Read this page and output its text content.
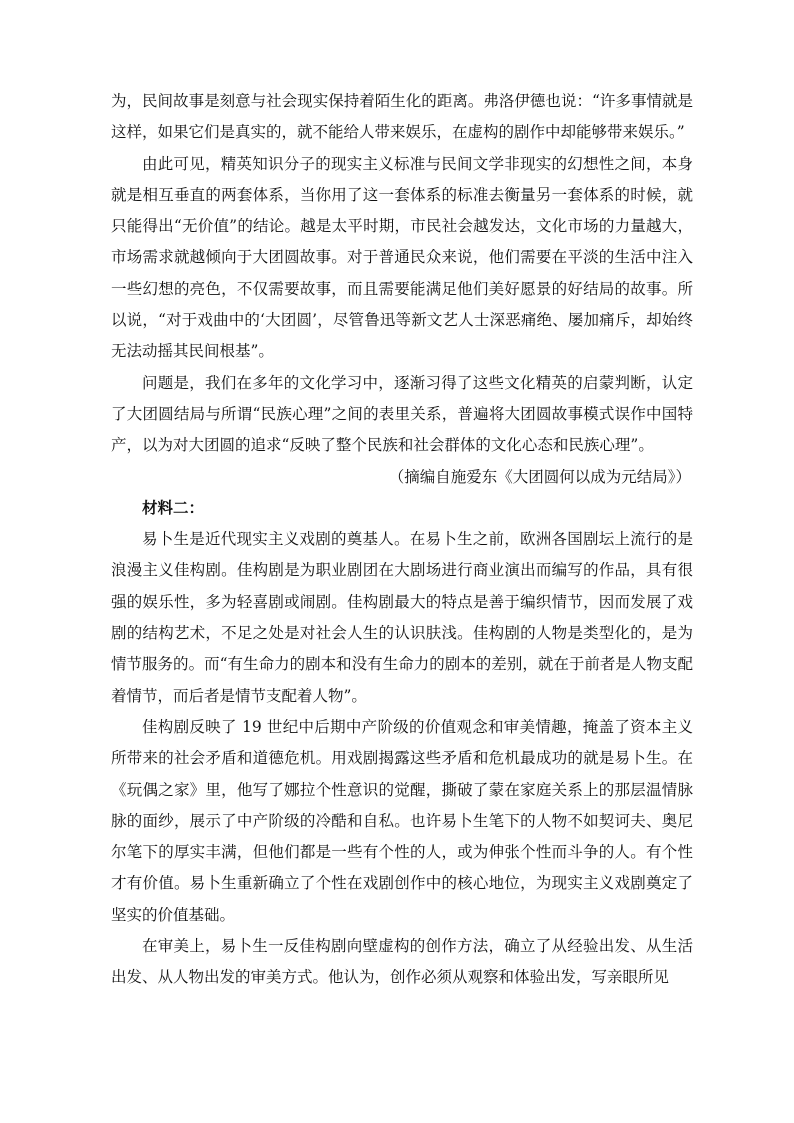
为，民间故事是刻意与社会现实保持着陌生化的距离。弗洛伊德也说：“许多事情就是这样，如果它们是真实的，就不能给人带来娱乐，在虚构的剧作中却能够带来娱乐。”

由此可见，精英知识分子的现实主义标准与民间文学非现实的幻想性之间，本身就是相互垂直的两套体系，当你用了这一套体系的标准去衡量另一套体系的时候，就只能得出“无价值”的结论。越是太平时期，市民社会越发达，文化市场的力量越大，市场需求就越倾向于大团圆故事。对于普通民众来说，他们需要在平淡的生活中注入一些幻想的亮色，不仅需要故事，而且需要能满足他们美好愿景的好结局的故事。所以说，“对于戏曲中的‘大团圆’，尽管鲁迅等新文艺人士深恶痛绝、屡加痛斥，却始终无法动摇其民间根基”。

问题是，我们在多年的文化学习中，逐渐习得了这些文化精英的启蒙判断，认定了大团圆结局与所谓“民族心理”之间的表里关系，普遍将大团圆故事模式误作中国特产，以为对大团圆的追求“反映了整个民族和社会群体的文化心态和民族心理”。

（摘编自施爱东《大团圆何以成为元结局》）

材料二：

易卜生是近代现实主义戏剧的奠基人。在易卜生之前，欧洲各国剧坛上流行的是浪漫主义佳构剧。佳构剧是为职业剧团在大剧场进行商业演出而编写的作品，具有很强的娱乐性，多为轻喜剧或闹剧。佳构剧最大的特点是善于编织情节，因而发展了戏剧的结构艺术，不足之处是对社会人生的认识肤浅。佳构剧的人物是类型化的，是为情节服务的。而“有生命力的剧本和没有生命力的剧本的差别，就在于前者是人物支配着情节，而后者是情节支配着人物”。

佳构剧反映了 19 世纪中后期中产阶级的价值观念和审美情趣，掩盖了资本主义所带来的社会矛盾和道德危机。用戏剧揭露这些矛盾和危机最成功的就是易卜生。在《玩偶之家》里，他写了娜拉个性意识的觉醒，撕破了蒙在家庭关系上的那层温情脉脉的面纱，展示了中产阶级的冷酷和自私。也许易卜生笔下的人物不如契诃夫、奥尼尔笔下的厚实丰满，但他们都是一些有个性的人，或为伸张个性而斗争的人。有个性才有价值。易卜生重新确立了个性在戏剧创作中的核心地位，为现实主义戏剧奠定了坚实的价值基础。

在审美上，易卜生一反佳构剧向壁虚构的创作方法，确立了从经验出发、从生活出发、从人物出发的审美方式。他认为，创作必须从观察和体验出发，写亲眼所见
